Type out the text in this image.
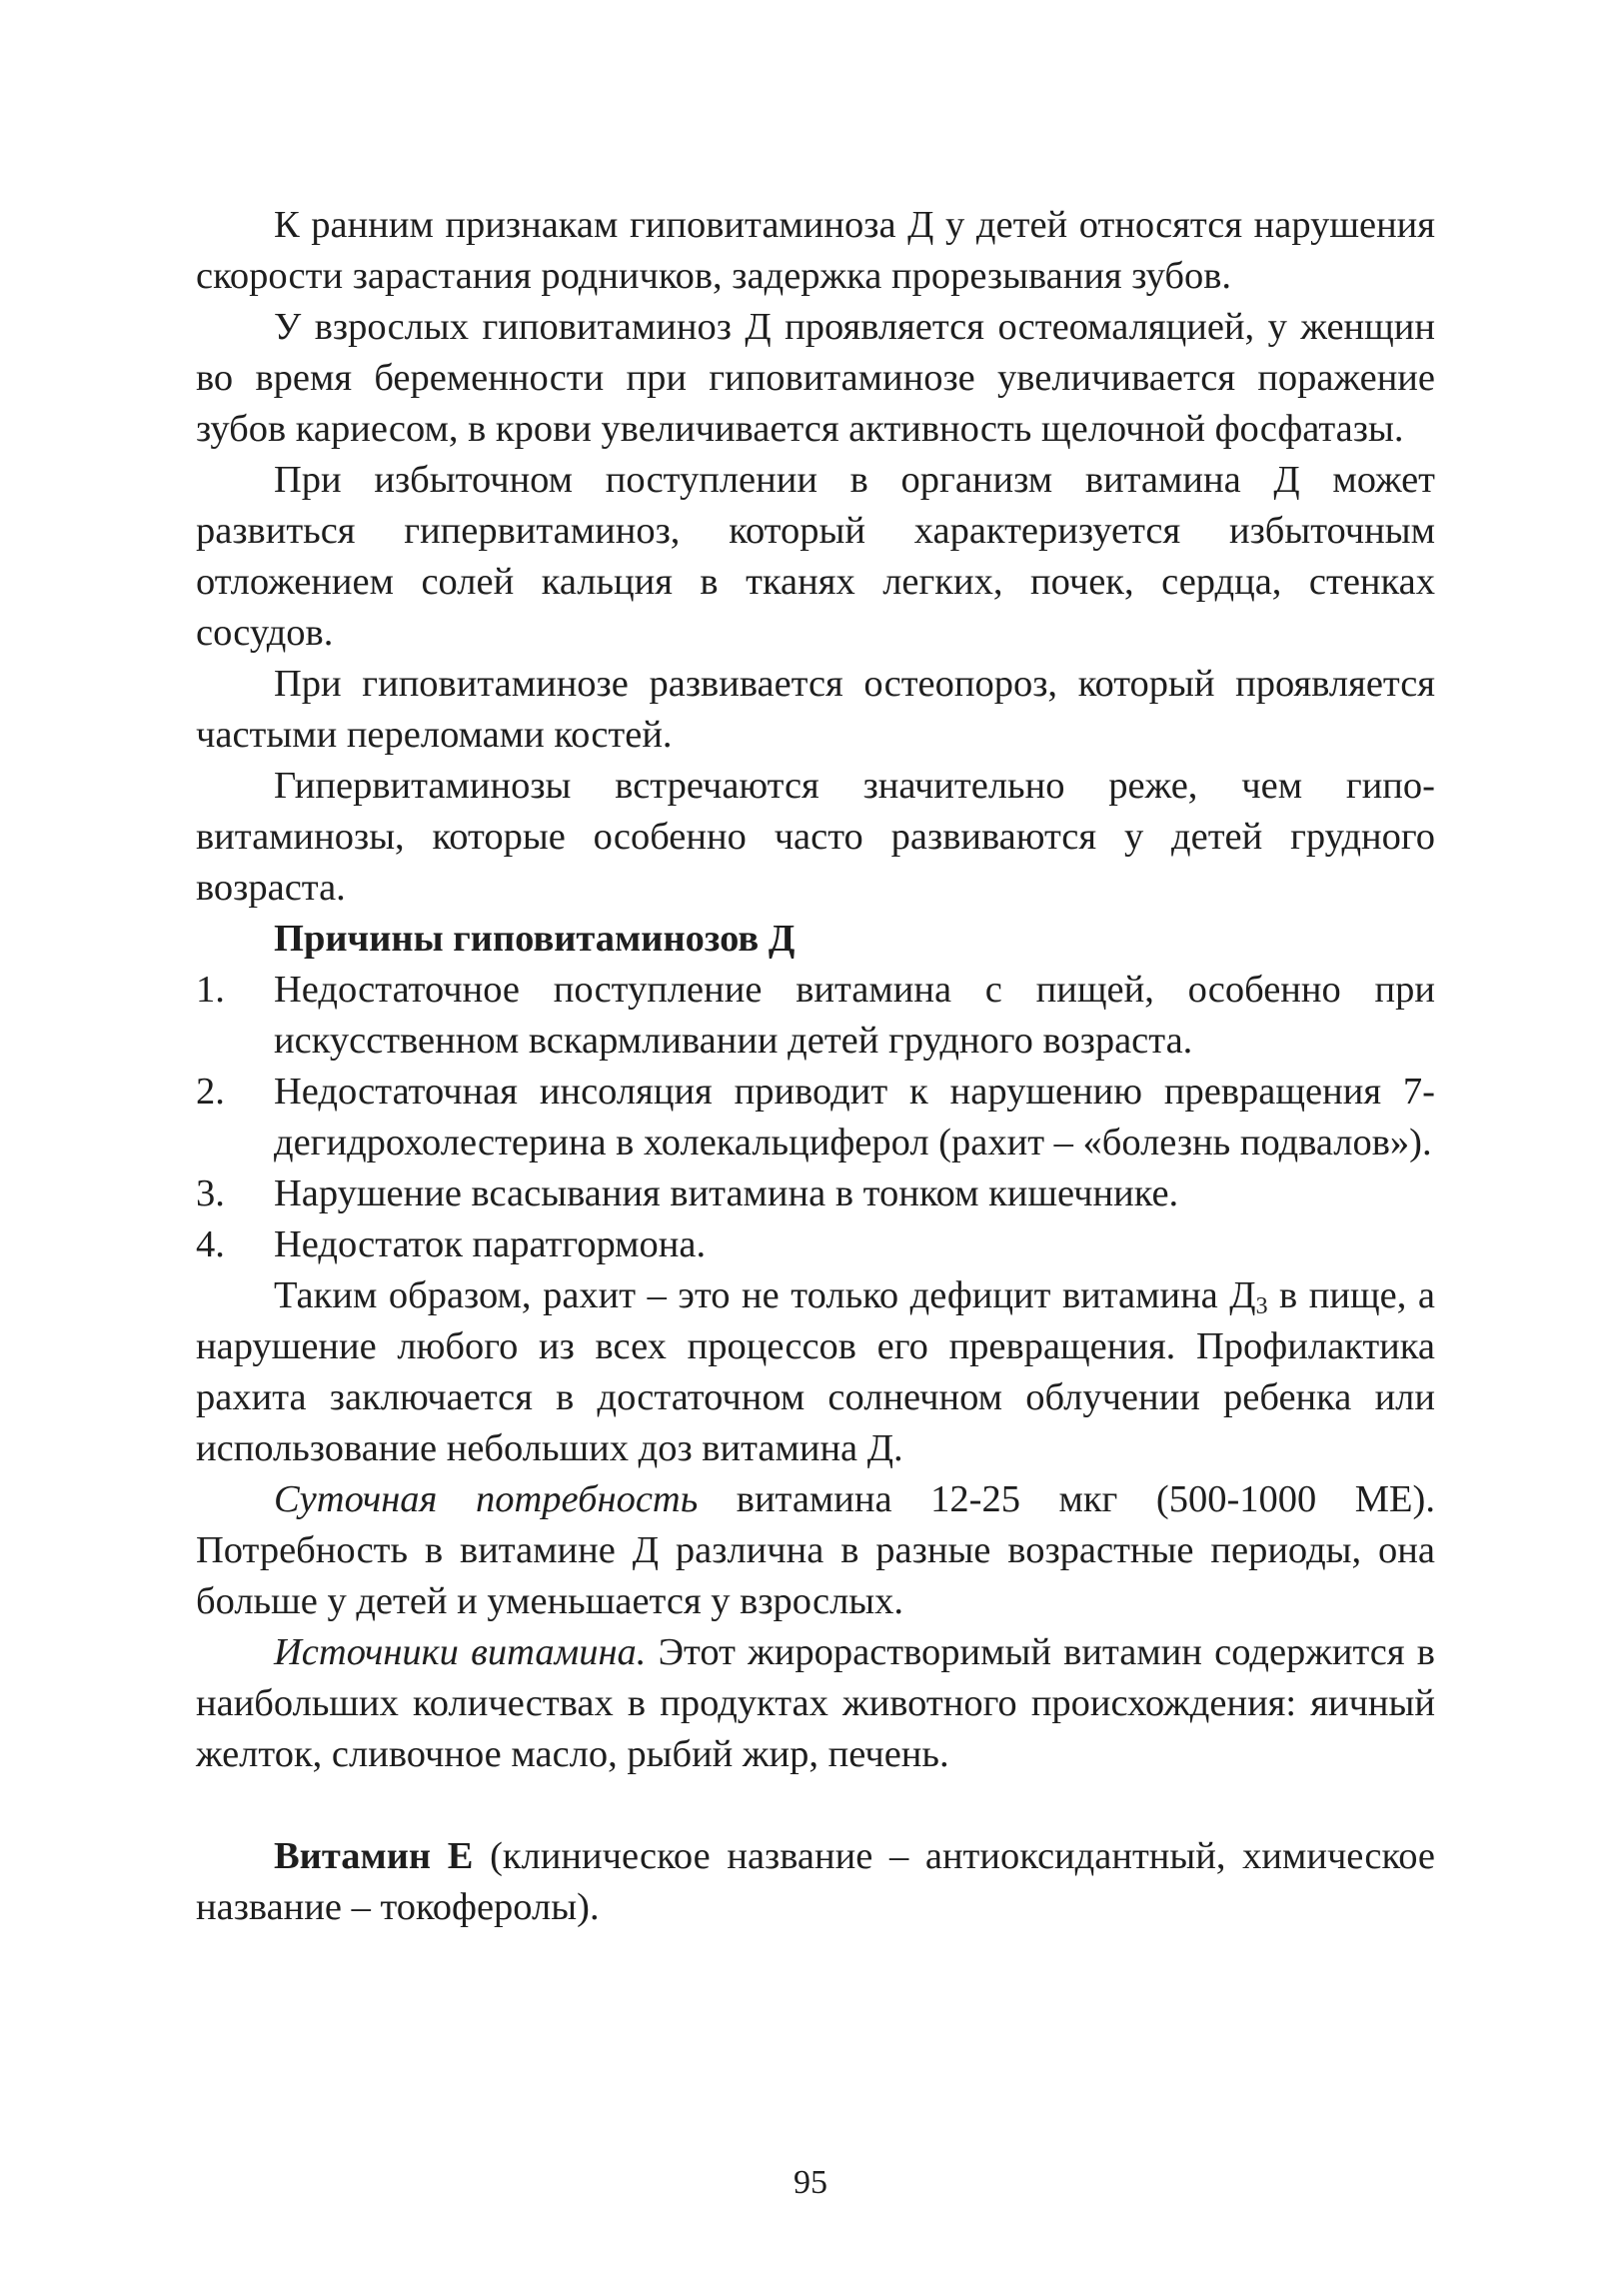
К ранним признакам гиповитаминоза Д у детей относятся нарушения скорости зарастания родничков, задержка прорезывания зубов.

У взрослых гиповитаминоз Д проявляется остеомаляцией, у женщин во время беременности при гиповитаминозе увеличивается поражение зубов кариесом, в крови увеличивается активность щелочной фосфатазы.

При избыточном поступлении в организм витамина Д может развиться гипервитаминоз, который характеризуется избыточным отложением солей кальция в тканях легких, почек, сердца, стенках сосудов.

При гиповитаминозе развивается остеопороз, который проявляется частыми переломами костей.

Гипервитаминозы встречаются значительно реже, чем гиповитаминозы, которые особенно часто развиваются у детей грудного возраста.

Причины гиповитаминозов Д

1. Недостаточное поступление витамина с пищей, особенно при искусственном вскармливании детей грудного возраста.
2. Недостаточная инсоляция приводит к нарушению превращения 7-дегидрохолестерина в холекальциферол (рахит – «болезнь подвалов»).
3. Нарушение всасывания витамина в тонком кишечнике.
4. Недостаток паратгормона.

Таким образом, рахит – это не только дефицит витамина $Д_3$ в пище, а нарушение любого из всех процессов его превращения. Профилактика рахита заключается в достаточном солнечном облучении ребенка или использование небольших доз витамина Д.

Суточная потребность витамина 12-25 мкг (500-1000 МЕ). Потребность в витамине Д различна в разные возрастные периоды, она больше у детей и уменьшается у взрослых.

Источники витамина. Этот жирорастворимый витамин содержится в наибольших количествах в продуктах животного происхождения: яичный желток, сливочное масло, рыбий жир, печень.

Витамин Е (клиническое название – антиоксидантный, химическое название – токоферолы).

95
